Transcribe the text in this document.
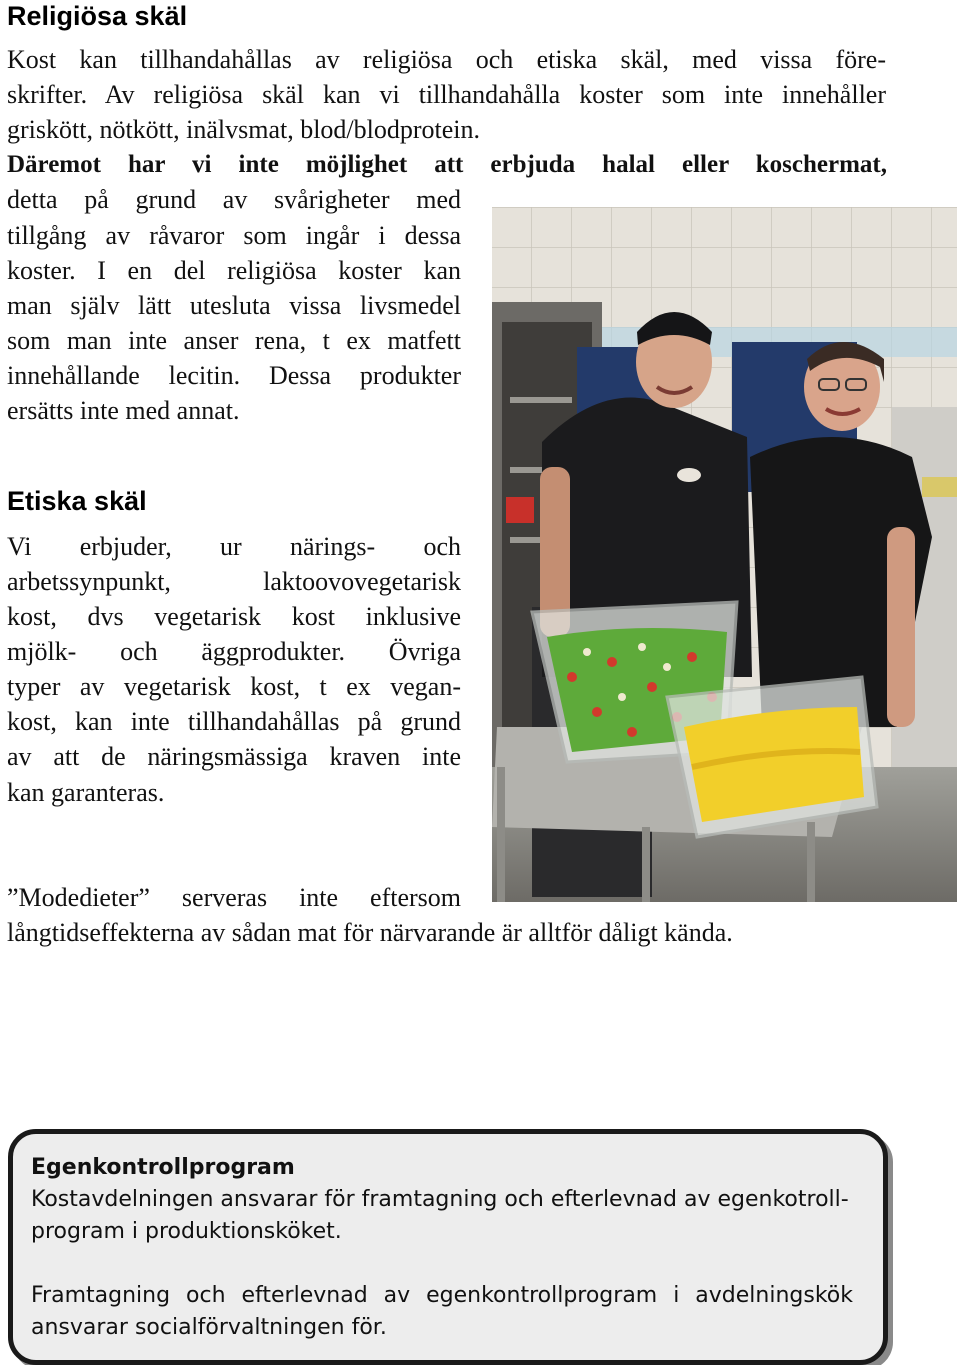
Religiösa skäl

Kost kan tillhandahållas av religiösa och etiska skäl, med vissa före-

skrifter. Av religiösa skäl kan vi tillhandahålla koster som inte innehåller

griskött, nötkött, inälvsmat, blod/blodprotein.

Däremot har vi inte möjlighet att erbjuda halal eller koschermat,

detta på grund av svårigheter med

tillgång av råvaror som ingår i dessa

koster. I en del religiösa koster kan

man själv lätt utesluta vissa livsmedel

som man inte anser rena, t ex matfett

innehållande lecitin. Dessa produkter

ersätts inte med annat.

Etiska skäl

Vi erbjuder, ur närings- och

arbetssynpunkt, laktoovovegetarisk

kost, dvs vegetarisk kost inklusive

mjölk- och äggprodukter. Övriga

typer av vegetarisk kost, t ex vegan-

kost, kan inte tillhandahållas på grund

av att de näringsmässiga kraven inte

kan garanteras.

”Modedieter” serveras inte eftersom

långtidseffekterna av sådan mat för närvarande är alltför dåligt kända.

Egenkontrollprogram

Kostavdelningen ansvarar för framtagning och efterlevnad av egenkotroll-

program i produktionsköket.

Framtagning och efterlevnad av egenkontrollprogram i avdelningskök

ansvarar socialförvaltningen för.
